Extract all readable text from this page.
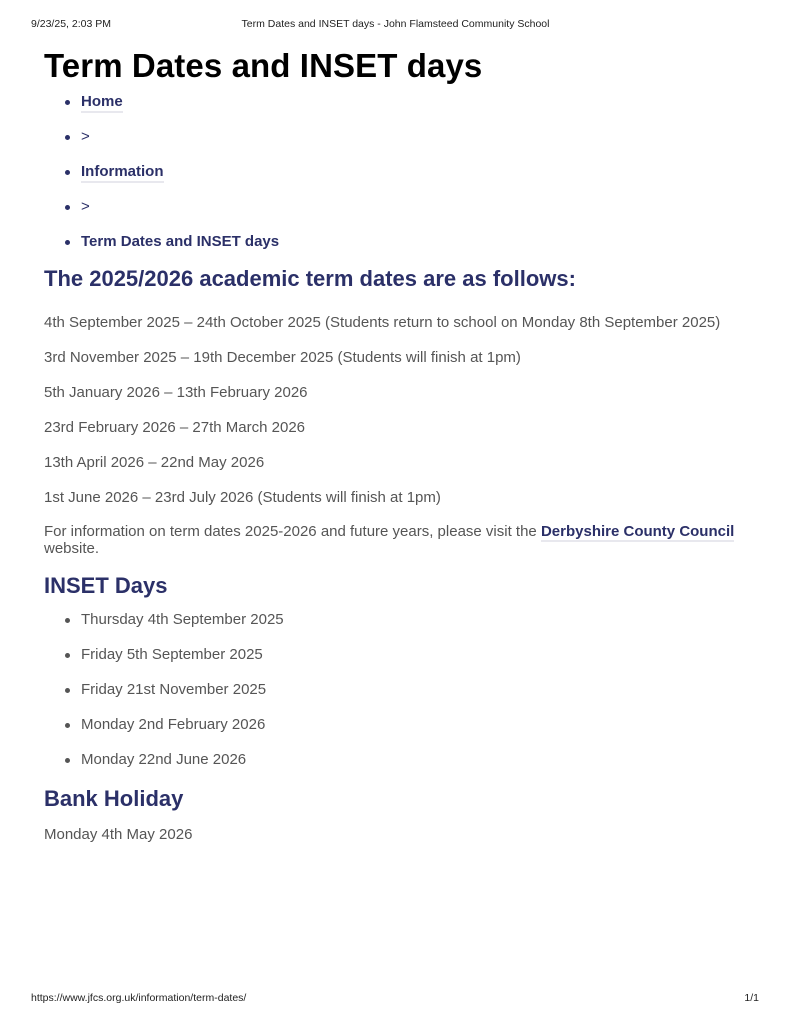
9/23/25, 2:03 PM	Term Dates and INSET days - John Flamsteed Community School
Term Dates and INSET days
Home
>
Information
>
Term Dates and INSET days
The 2025/2026 academic term dates are as follows:

4th September 2025 – 24th October 2025 (Students return to school on Monday 8th September 2025)

3rd November 2025 – 19th December 2025 (Students will finish at 1pm)

5th January 2026 – 13th February 2026

23rd February 2026 – 27th March 2026

13th April 2026 – 22nd May 2026

1st June 2026 – 23rd July 2026 (Students will finish at 1pm)

For information on term dates 2025-2026 and future years, please visit the Derbyshire County Council website.

INSET Days
Thursday 4th September 2025
Friday 5th September 2025
Friday 21st November 2025
Monday 2nd February 2026
Monday 22nd June 2026
Bank Holiday

Monday 4th May 2026

https://www.jfcs.org.uk/information/term-dates/	1/1
